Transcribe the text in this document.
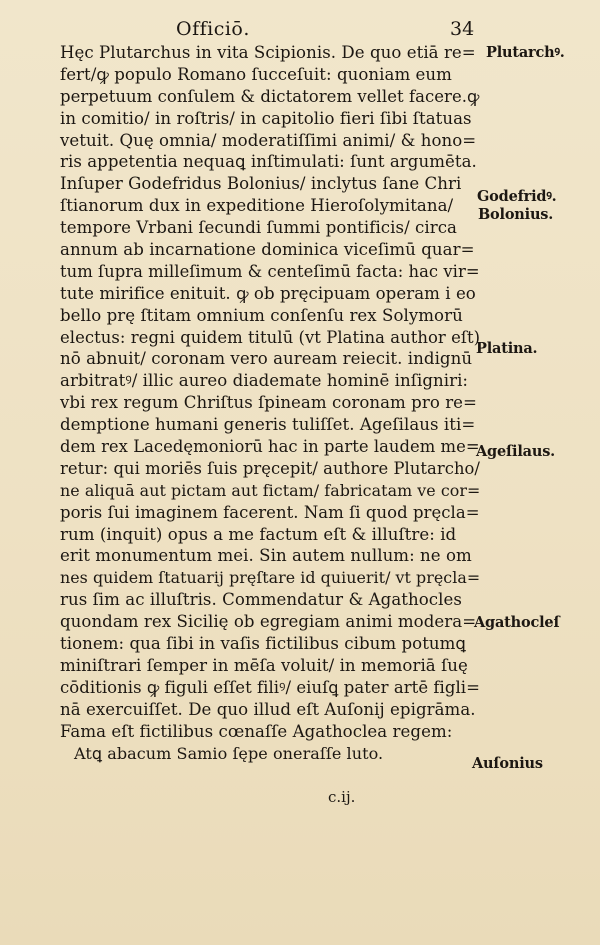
Officiō.	34
Hęc Plutarchus in vita Scipionis. De quo etiā re=
fert/ꝙ populo Romano ſucceſuit: quoniam eum
perpetuum conſulem & dictatorem vellet facere.ꝙ
in comitio/ in roſtris/ in capitolio fieri ſibi ſtatuas
vetuit. Quę omnia/ moderatiſſimi animi/ & hono=
ris appetentia nequaꝗ inſtimulati: ſunt argumēta.
Inſuper Godefridus Bolonius/ inclytus ſane Chri
ſtianorum dux in expeditione Hieroſolymitana/
tempore Vrbani ſecundi ſummi pontificis/ circa
annum ab incarnatione dominica viceſimū quar=
tum ſupra milleſimum & centeſimū facta: hac vir=
tute mirifice enituit. ꝙ ob pręcipuam operam i eo
bello prę ſtitam omnium conſenſu rex Solymorū
electus: regni quidem titulū (vt Platina author eſt)
nō abnuit/ coronam vero auream reiecit. indignū
arbitratꝰ/ illic aureo diademate hominē inſigniri:
vbi rex regum Chriſtus ſpineam coronam pro re=
demptione humani generis tuliſſet. Ageſilaus iti=
dem rex Lacedęmoniorū hac in parte laudem me=
retur: qui moriēs ſuis pręcepit/ authore Plutarcho/
ne aliquā aut pictam aut fictam/ fabricatam ve cor=
poris ſui imaginem facerent. Nam ſi quod pręcla=
rum (inquit) opus a me factum eſt & illuſtre: id
erit monumentum mei. Sin autem nullum: ne om
nes quidem ſtatuarij pręſtare id quiuerit/ vt pręcla=
rus ſim ac illuſtris. Commendatur & Agathocles
quondam rex Sicilię ob egregiam animi modera=
tionem: qua ſibi in vaſis fictilibus cibum potumꝗ
miniſtrari ſemper in mēſa voluit/ in memoriā ſuę
cōditionis ꝙ figuli eſſet filiꝰ/ eiuſꝗ pater artē figli=
nā exercuiſſet. De quo illud eſt Auſonij epigrāma.
Fama eſt fictilibus cœnaſſe Agathoclea regem:
Atꝗ abacum Samio ſępe oneraſſe luto.
c.ij.
Plutarchꝰ.
Godefridꝰ.
Bolonius.
Platina.
Ageſilaus.
Agathocleſ
Auſonius
